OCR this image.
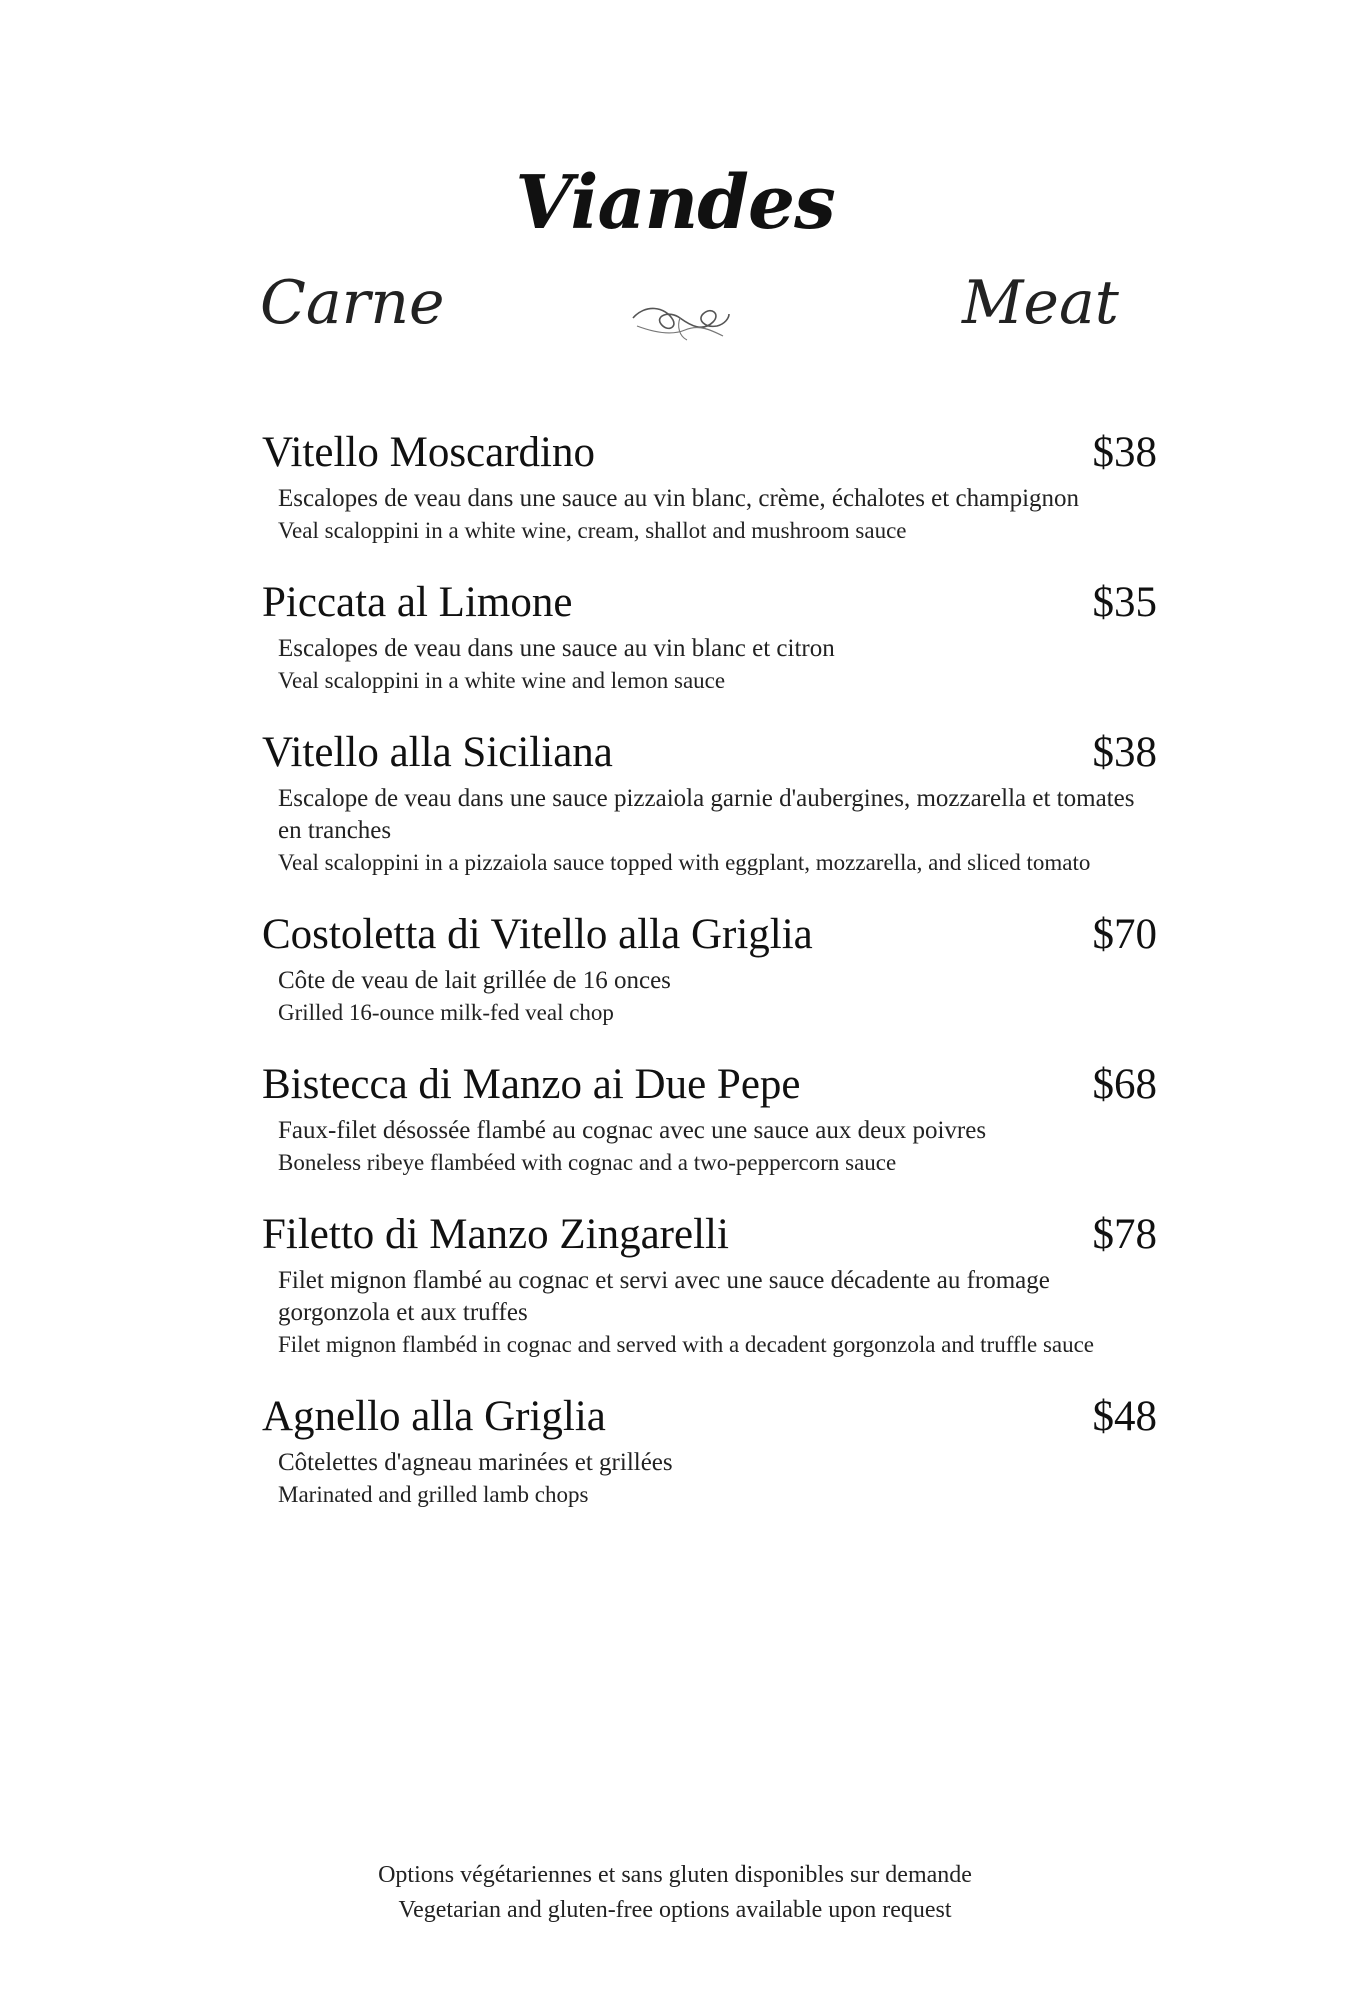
Viandes
Carne	Meat
Vitello Moscardino	$38
Escalopes de veau dans une sauce au vin blanc, crème, échalotes et champignon
Veal scaloppini in a white wine, cream, shallot and mushroom sauce
Piccata al Limone	$35
Escalopes de veau dans une sauce au vin blanc et citron
Veal scaloppini in a white wine and lemon sauce
Vitello alla Siciliana	$38
Escalope de veau dans une sauce pizzaiola garnie d'aubergines, mozzarella et tomates en tranches
Veal scaloppini in a pizzaiola sauce topped with eggplant, mozzarella, and sliced tomato
Costoletta di Vitello alla Griglia	$70
Côte de veau de lait grillée de 16 onces
Grilled 16-ounce milk-fed veal chop
Bistecca di Manzo ai Due Pepe	$68
Faux-filet désossée flambé au cognac avec une sauce aux deux poivres
Boneless ribeye flambéed with cognac and a two-peppercorn sauce
Filetto di Manzo Zingarelli	$78
Filet mignon flambé au cognac et servi avec une sauce décadente au fromage gorgonzola et aux truffes
Filet mignon flambéd in cognac and served with a decadent gorgonzola and truffle sauce
Agnello alla Griglia	$48
Côtelettes d'agneau marinées et grillées
Marinated and grilled lamb chops
Options végétariennes et sans gluten disponibles sur demande
Vegetarian and gluten-free options available upon request
